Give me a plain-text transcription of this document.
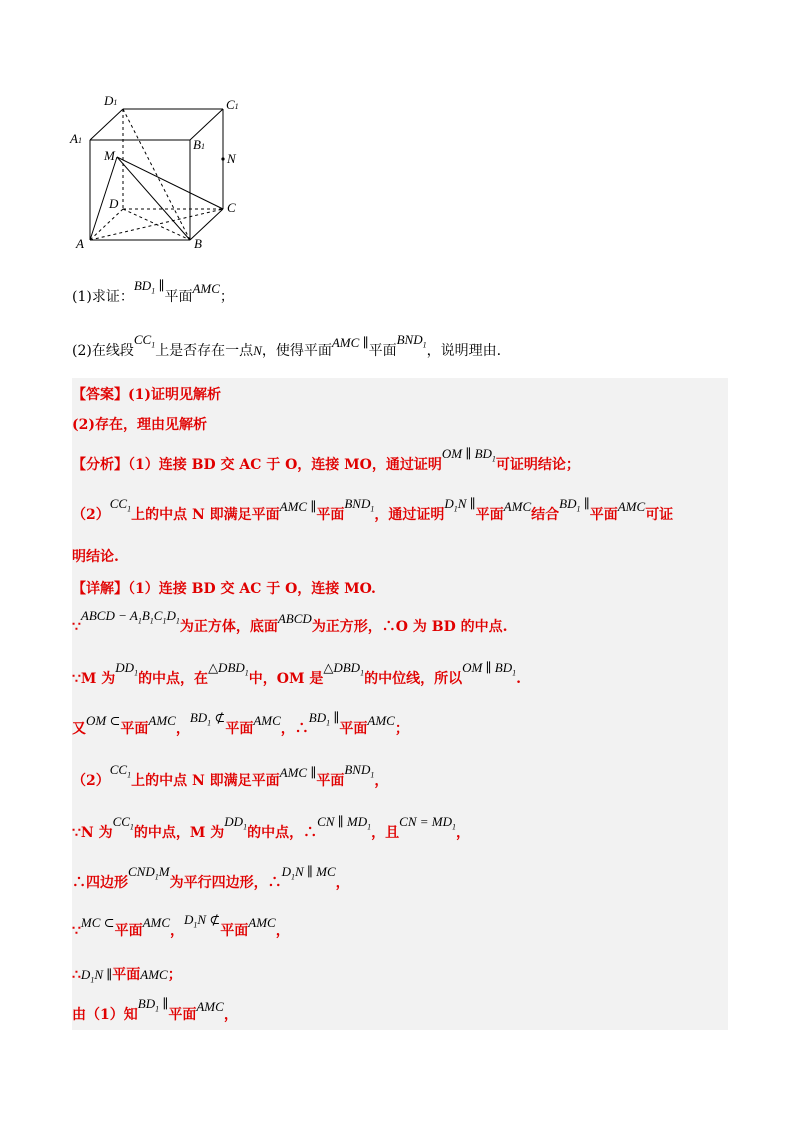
D1	C1
A1	B1
M	N
D	C
A	B
(1)求证：$BD_1$ ∥平面AMC；
(2)在线段$CC_1$上是否存在一点N，使得平面AMC ∥平面$BND_1$，说明理由.
【答案】(1)证明见解析
(2)存在，理由见解析
【分析】（1）连接 BD 交 AC 于 O，连接 MO，通过证明OM ∥ $BD_1$可证明结论；
$(2)CC_1$上的中点 N 即满足平面AMC ∥平面$BND_1$，通过证明$D_1N$ ∥平面AMC结合$BD_1$ ∥平面AMC可证
明结论.
【详解】（1）连接 BD 交 AC 于 O，连接 MO.
∵ABCD − $A_1B_1C_1D_1$为正方体，底面ABCD为正方形，∴O 为 BD 的中点.
∵M 为$DD_1$的中点，在$\triangle DBD_1$中，OM 是$\triangle DBD_1$的中位线，所以OM ∥ $BD_1$.
又OM ⊂平面AMC，$BD_1$ ⊄平面AMC，$\therefore BD_1$ ∥平面AMC；
$(2)CC_1$上的中点 N 即满足平面AMC ∥平面$BND_1$，
∵N 为$CC_1$的中点，M 为$DD_1$的中点，∴CN ∥ $MD_1$，且CN = $MD_1$，
∴四边形$CND_1M$为平行四边形，$\therefore D_1N$ ∥ MC，
∵MC ⊂平面AMC，$D_1N$ ⊄平面AMC，
$\therefore D_1N$ ∥平面AMC；
由（1）知$BD_1$ ∥平面AMC，
